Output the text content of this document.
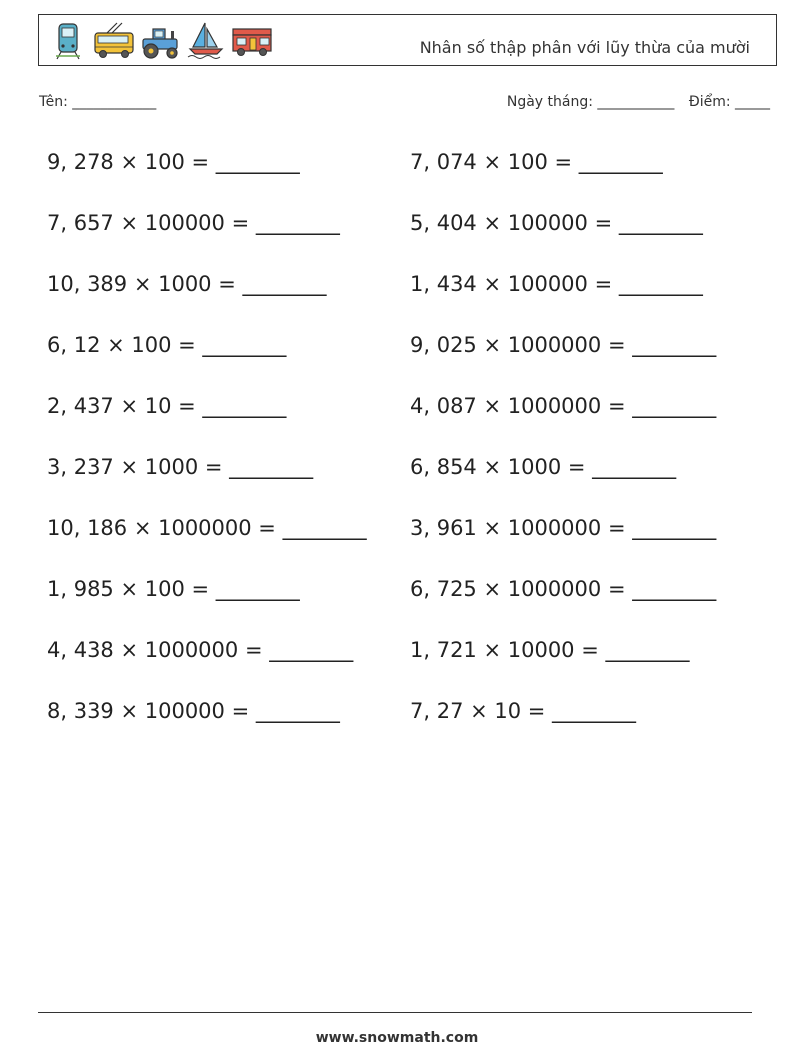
Nhân số thập phân với lũy thừa của mười
Tên: ____________	Ngày tháng: ___________ Điểm: _____
9, 278 × 100 = ________	7, 074 × 100 = ________
7, 657 × 100000 = ________	5, 404 × 100000 = ________
10, 389 × 1000 = ________	1, 434 × 100000 = ________
6, 12 × 100 = ________	9, 025 × 1000000 = ________
2, 437 × 10 = ________	4, 087 × 1000000 = ________
3, 237 × 1000 = ________	6, 854 × 1000 = ________
10, 186 × 1000000 = ________ 3, 961 × 1000000 = ________
1, 985 × 100 = ________	6, 725 × 1000000 = ________
4, 438 × 1000000 = ________	1, 721 × 10000 = ________
8, 339 × 100000 = ________	7, 27 × 10 = ________
www.snowmath.com
